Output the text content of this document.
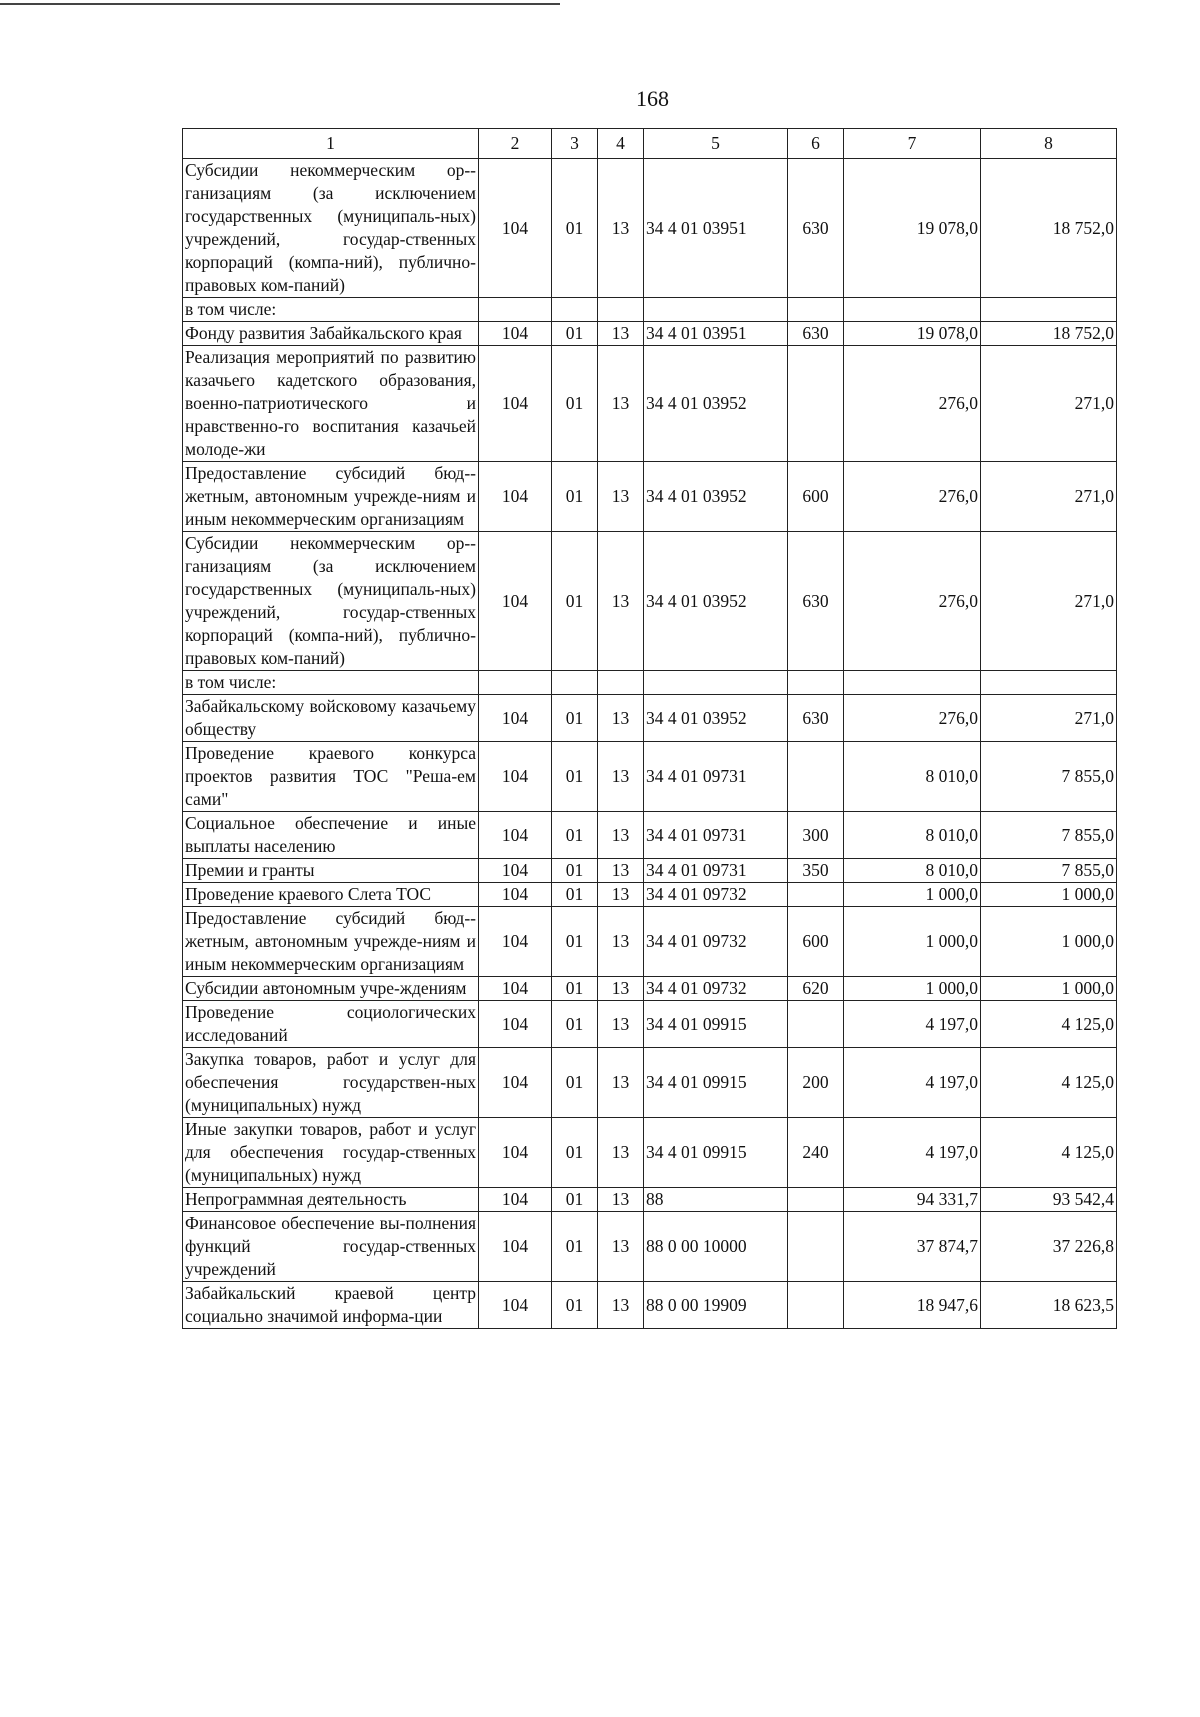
168
1	2	3	4	5	6	7	8
Субсидии некоммерческим ор-ганизациям (за исключением государственных (муниципаль-ных) учреждений, государ-ственных корпораций (компа-ний), публично-правовых ком-паний)	104	01	13	34 4 01 03951	630	19 078,0	18 752,0
в том числе:							
Фонду развития Забайкальского края	104	01	13	34 4 01 03951	630	19 078,0	18 752,0
Реализация мероприятий по развитию казачьего кадетского образования, военно-патриотического и нравственно-го воспитания казачьей молоде-жи	104	01	13	34 4 01 03952		276,0	271,0
Предоставление субсидий бюд-жетным, автономным учрежде-ниям и иным некоммерческим организациям	104	01	13	34 4 01 03952	600	276,0	271,0
Субсидии некоммерческим ор-ганизациям (за исключением государственных (муниципаль-ных) учреждений, государ-ственных корпораций (компа-ний), публично-правовых ком-паний)	104	01	13	34 4 01 03952	630	276,0	271,0
в том числе:							
Забайкальскому войсковому казачьему обществу	104	01	13	34 4 01 03952	630	276,0	271,0
Проведение краевого конкурса проектов развития ТОС "Реша-ем сами"	104	01	13	34 4 01 09731		8 010,0	7 855,0
Социальное обеспечение и иные выплаты населению	104	01	13	34 4 01 09731	300	8 010,0	7 855,0
Премии и гранты	104	01	13	34 4 01 09731	350	8 010,0	7 855,0
Проведение краевого Слета ТОС	104	01	13	34 4 01 09732		1 000,0	1 000,0
Предоставление субсидий бюд-жетным, автономным учрежде-ниям и иным некоммерческим организациям	104	01	13	34 4 01 09732	600	1 000,0	1 000,0
Субсидии автономным учре-ждениям	104	01	13	34 4 01 09732	620	1 000,0	1 000,0
Проведение социологических исследований	104	01	13	34 4 01 09915		4 197,0	4 125,0
Закупка товаров, работ и услуг для обеспечения государствен-ных (муниципальных) нужд	104	01	13	34 4 01 09915	200	4 197,0	4 125,0
Иные закупки товаров, работ и услуг для обеспечения государ-ственных (муниципальных) нужд	104	01	13	34 4 01 09915	240	4 197,0	4 125,0
Непрограммная деятельность	104	01	13	88		94 331,7	93 542,4
Финансовое обеспечение вы-полнения функций государ-ственных учреждений	104	01	13	88 0 00 10000		37 874,7	37 226,8
Забайкальский краевой центр социально значимой информа-ции	104	01	13	88 0 00 19909		18 947,6	18 623,5
